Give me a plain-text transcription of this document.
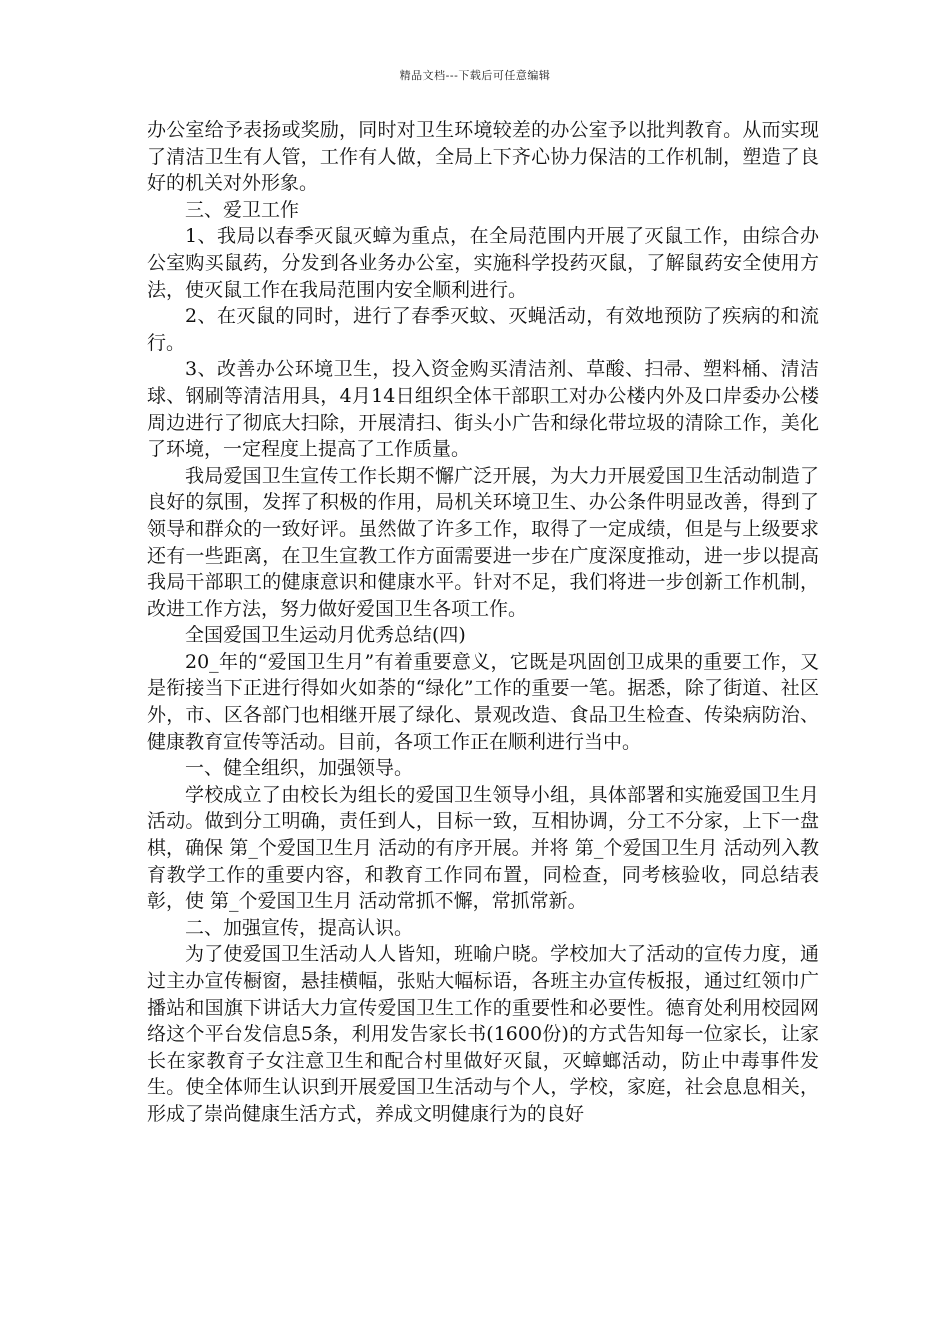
精品文档---下载后可任意编辑

办公室给予表扬或奖励，同时对卫生环境较差的办公室予以批判教育。从而实现了清洁卫生有人管，工作有人做，全局上下齐心协力保洁的工作机制，塑造了良好的机关对外形象。

三、爱卫工作

1、我局以春季灭鼠灭蟑为重点，在全局范围内开展了灭鼠工作，由综合办公室购买鼠药，分发到各业务办公室，实施科学投药灭鼠，了解鼠药安全使用方法，使灭鼠工作在我局范围内安全顺利进行。

2、在灭鼠的同时，进行了春季灭蚊、灭蝇活动，有效地预防了疾病的和流行。

3、改善办公环境卫生，投入资金购买清洁剂、草酸、扫帚、塑料桶、清洁球、钢刷等清洁用具，4月14日组织全体干部职工对办公楼内外及口岸委办公楼周边进行了彻底大扫除，开展清扫、街头小广告和绿化带垃圾的清除工作，美化了环境，一定程度上提高了工作质量。

我局爱国卫生宣传工作长期不懈广泛开展，为大力开展爱国卫生活动制造了良好的氛围，发挥了积极的作用，局机关环境卫生、办公条件明显改善，得到了领导和群众的一致好评。虽然做了许多工作，取得了一定成绩，但是与上级要求还有一些距离，在卫生宣教工作方面需要进一步在广度深度推动，进一步以提高我局干部职工的健康意识和健康水平。针对不足，我们将进一步创新工作机制，改进工作方法，努力做好爱国卫生各项工作。

全国爱国卫生运动月优秀总结(四)

20_年的“爱国卫生月”有着重要意义，它既是巩固创卫成果的重要工作，又是衔接当下正进行得如火如荼的“绿化”工作的重要一笔。据悉，除了街道、社区外，市、区各部门也相继开展了绿化、景观改造、食品卫生检查、传染病防治、健康教育宣传等活动。目前，各项工作正在顺利进行当中。

一、健全组织，加强领导。

学校成立了由校长为组长的爱国卫生领导小组，具体部署和实施爱国卫生月活动。做到分工明确，责任到人，目标一致，互相协调，分工不分家，上下一盘棋，确保 第_个爱国卫生月 活动的有序开展。并将 第_个爱国卫生月 活动列入教育教学工作的重要内容，和教育工作同布置，同检查，同考核验收，同总结表彰，使 第_个爱国卫生月 活动常抓不懈，常抓常新。

二、加强宣传，提高认识。

为了使爱国卫生活动人人皆知，班喻户晓。学校加大了活动的宣传力度，通过主办宣传橱窗，悬挂横幅，张贴大幅标语，各班主办宣传板报，通过红领巾广播站和国旗下讲话大力宣传爱国卫生工作的重要性和必要性。德育处利用校园网络这个平台发信息5条，利用发告家长书(1600份)的方式告知每一位家长，让家长在家教育子女注意卫生和配合村里做好灭鼠，灭蟑螂活动，防止中毒事件发生。使全体师生认识到开展爱国卫生活动与个人，学校，家庭，社会息息相关，形成了崇尚健康生活方式，养成文明健康行为的良好
